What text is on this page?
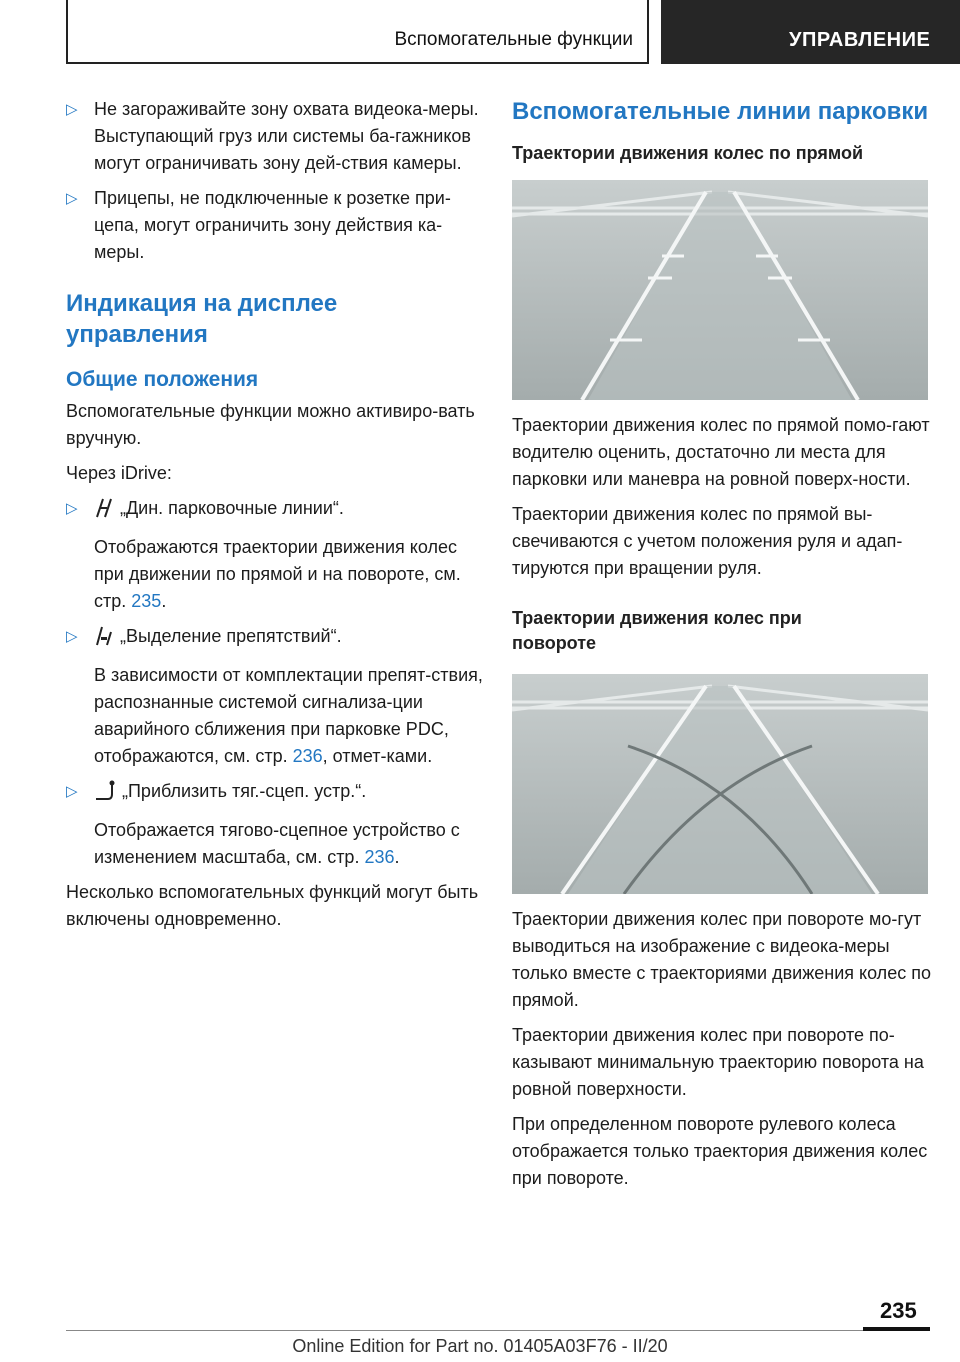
Вспомогательные функции	УПРАВЛЕНИЕ
▷ Не загораживайте зону охвата видеока-меры. Выступающий груз или системы ба-гажников могут ограничивать зону дей-ствия камеры.
▷ Прицепы, не подключенные к розетке при-цепа, могут ограничить зону действия ка-меры.
Индикация на дисплее управления
Общие положения

Вспомогательные функции можно активиро-вать вручную.

Через iDrive:

▷	„Дин. парковочные линии“.
Отображаются траектории движения колес при движении по прямой и на повороте, см. стр. 235.
▷	„Выделение препятствий“.
В зависимости от комплектации препят-ствия, распознанные системой сигнализа-ции аварийного сближения при парковке PDC, отображаются, см. стр. 236, отмет-ками.
▷	„Приблизить тяг.-сцеп. устр.“.
Отображается тягово-сцепное устройство с изменением масштаба, см. стр. 236.

Несколько вспомогательных функций могут быть включены одновременно.

Вспомогательные линии парковки
Траектории движения колес по прямой

Траектории движения колес по прямой помо-гают водителю оценить, достаточно ли места для парковки или маневра на ровной поверх-ности.

Траектории движения колес по прямой вы-свечиваются с учетом положения руля и адап-тируются при вращении руля.

Траектории движения колес при повороте

Траектории движения колес при повороте мо-гут выводиться на изображение с видеока-меры только вместе с траекториями движения колес по прямой.

Траектории движения колес при повороте по-казывают минимальную траекторию поворота на ровной поверхности.

При определенном повороте рулевого колеса отображается только траектория движения колес при повороте.

235
Online Edition for Part no. 01405A03F76 - II/20
